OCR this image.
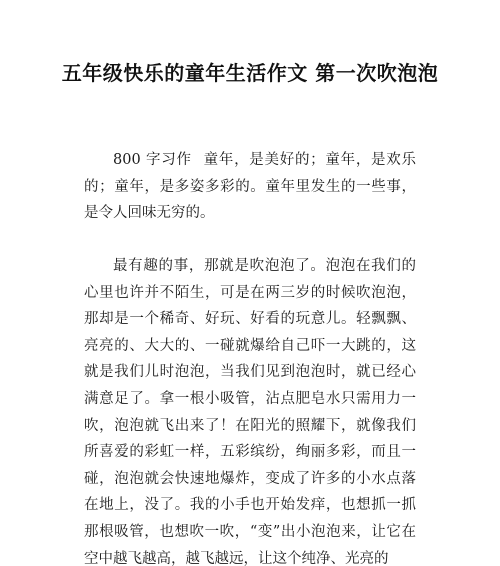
五年级快乐的童年生活作文 第一次吹泡泡

800 字习作 童年，是美好的；童年，是欢乐的；童年，是多姿多彩的。童年里发生的一些事，是令人回味无穷的。

最有趣的事，那就是吹泡泡了。泡泡在我们的心里也许并不陌生，可是在两三岁的时候吹泡泡，那却是一个稀奇、好玩、好看的玩意儿。轻飘飘、亮亮的、大大的、一碰就爆给自己吓一大跳的，这就是我们儿时泡泡，当我们见到泡泡时，就已经心满意足了。拿一根小吸管，沾点肥皂水只需用力一吹，泡泡就飞出来了！在阳光的照耀下，就像我们所喜爱的彩虹一样，五彩缤纷，绚丽多彩，而且一碰，泡泡就会快速地爆炸，变成了许多的小水点落在地上，没了。我的小手也开始发痒，也想抓一抓那根吸管，也想吹一吹，“变”出小泡泡来，让它在空中越飞越高，越飞越远，让这个纯净、光亮的
